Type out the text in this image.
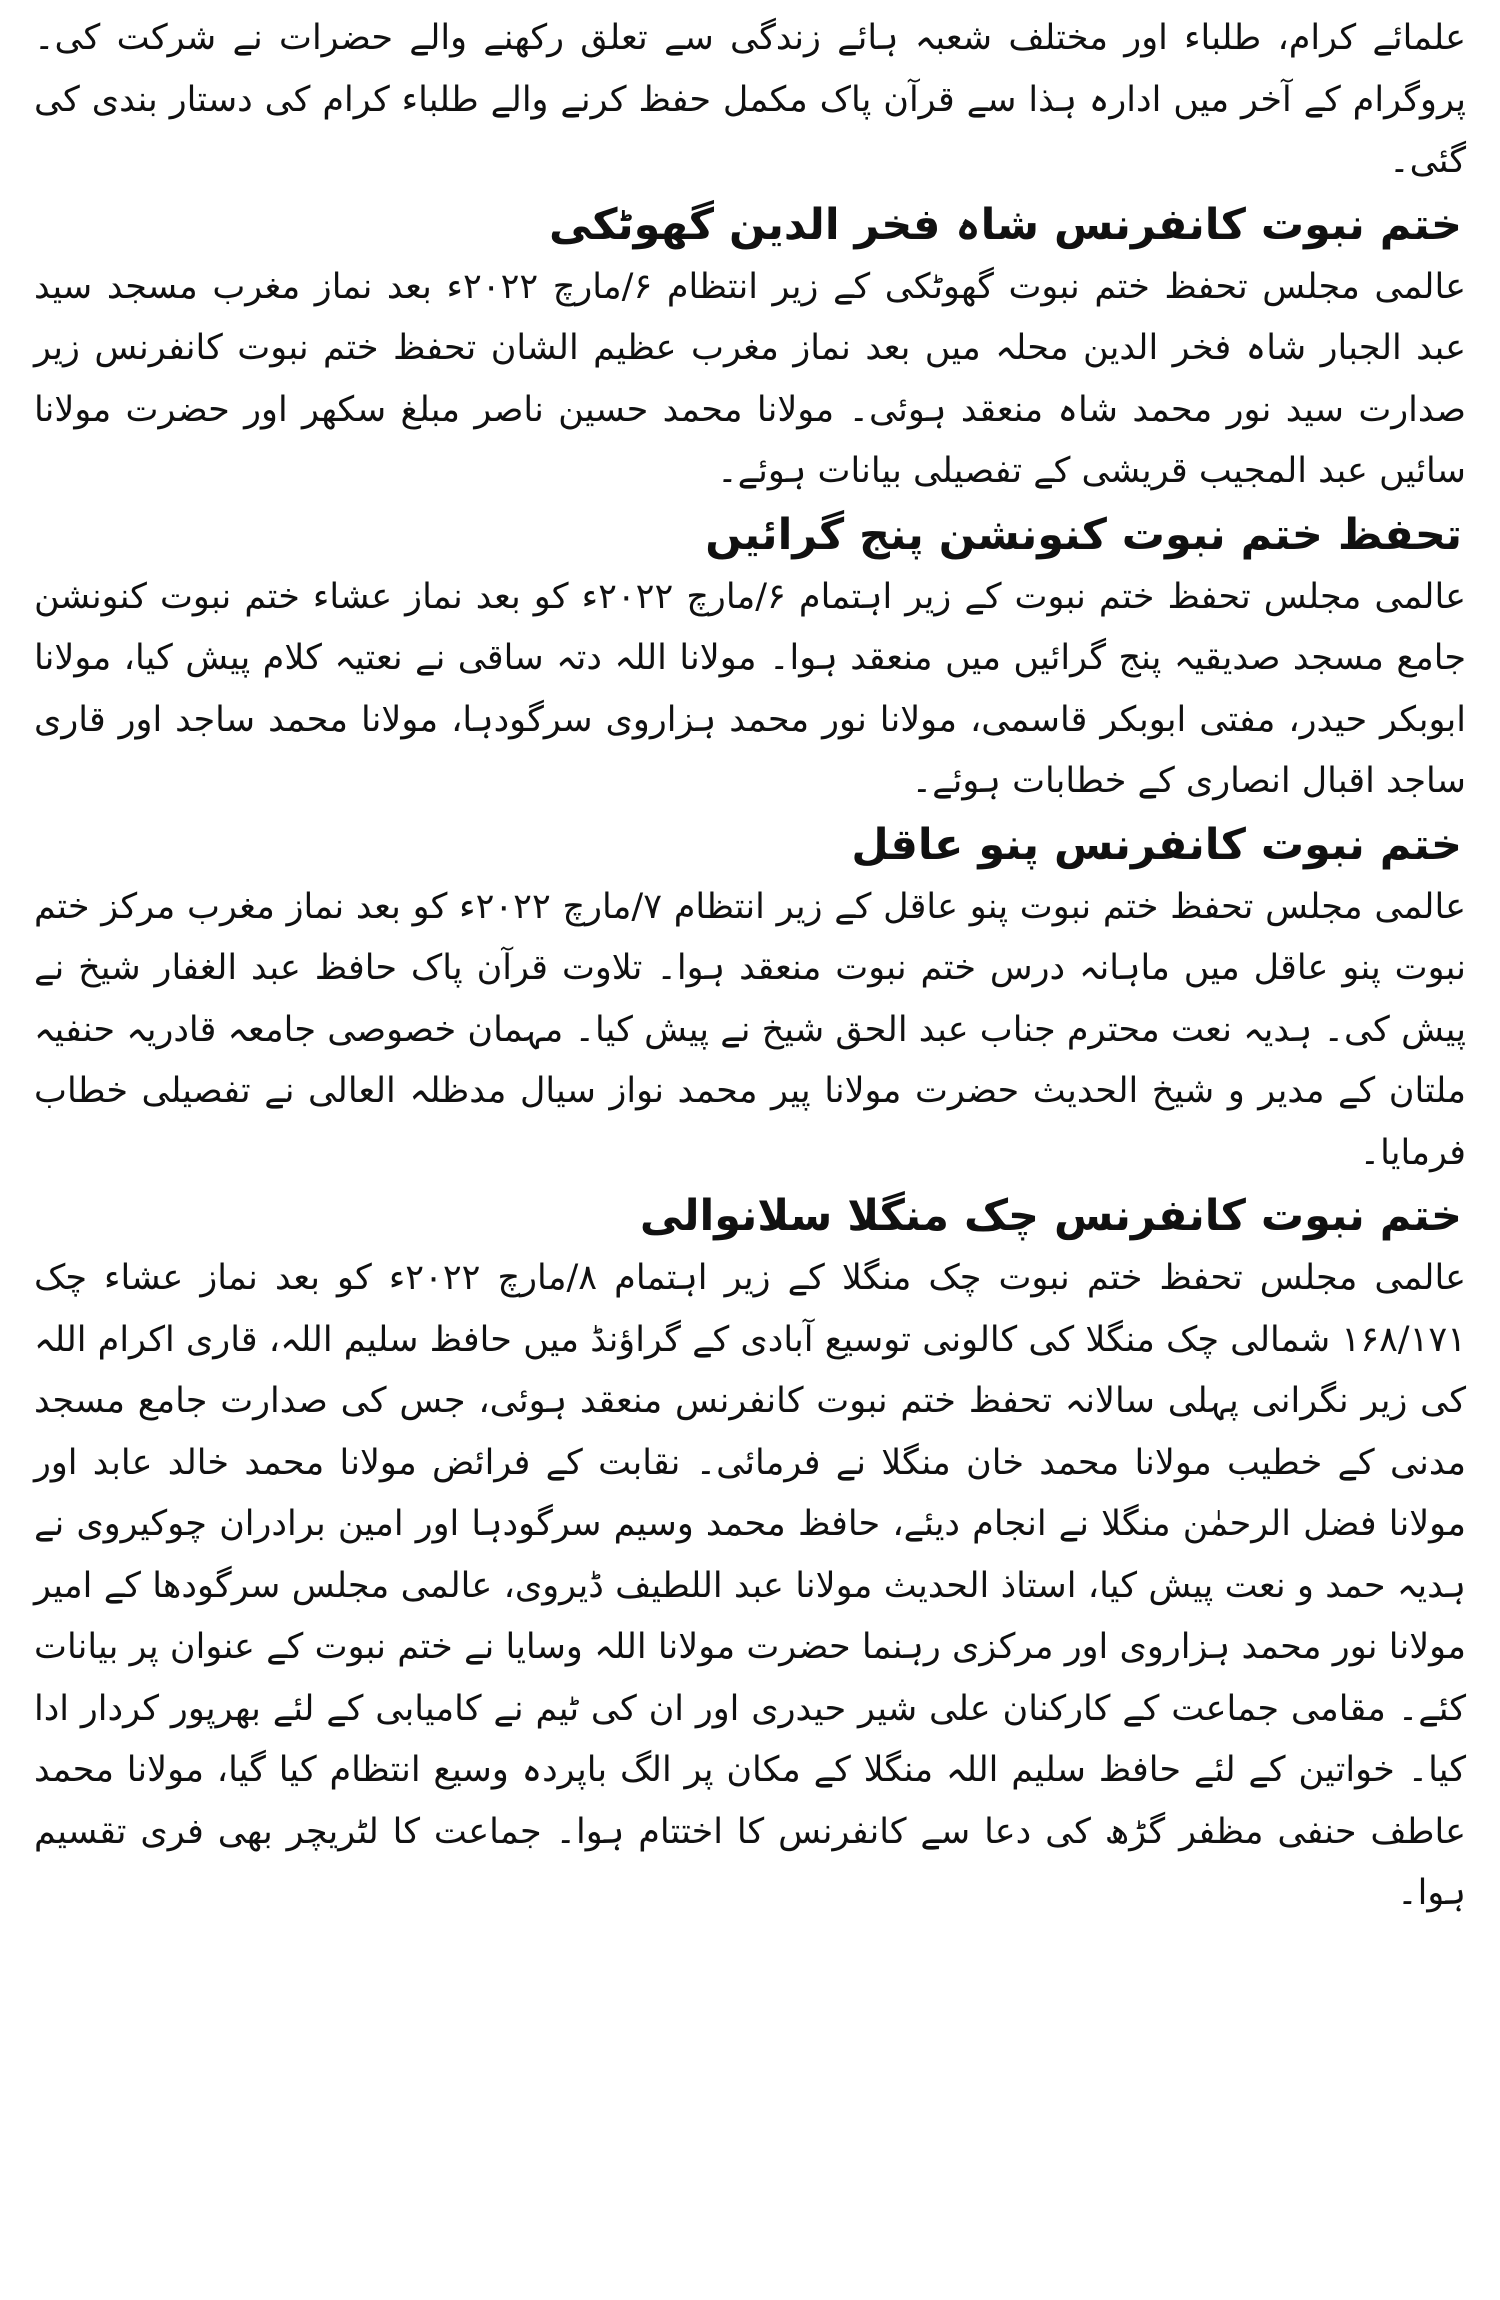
علمائے کرام، طلباء اور مختلف شعبہ ہائے زندگی سے تعلق رکھنے والے حضرات نے شرکت کی۔ پروگرام کے آخر میں ادارہ ہذا سے قرآن پاک مکمل حفظ کرنے والے طلباء کرام کی دستار بندی کی گئی۔

ختم نبوت کانفرنس شاہ فخر الدین گھوٹکی

عالمی مجلس تحفظ ختم نبوت گھوٹکی کے زیر انتظام ۶/مارچ ۲۰۲۲ء بعد نماز مغرب مسجد سید عبد الجبار شاہ فخر الدین محلہ میں بعد نماز مغرب عظیم الشان تحفظ ختم نبوت کانفرنس زیر صدارت سید نور محمد شاہ منعقد ہوئی۔ مولانا محمد حسین ناصر مبلغ سکھر اور حضرت مولانا سائیں عبد المجیب قریشی کے تفصیلی بیانات ہوئے۔

تحفظ ختم نبوت کنونشن پنج گرائیں

عالمی مجلس تحفظ ختم نبوت کے زیر اہتمام ۶/مارچ ۲۰۲۲ء کو بعد نماز عشاء ختم نبوت کنونشن جامع مسجد صدیقیہ پنج گرائیں میں منعقد ہوا۔ مولانا اللہ دتہ ساقی نے نعتیہ کلام پیش کیا، مولانا ابوبکر حیدر، مفتی ابوبکر قاسمی، مولانا نور محمد ہزاروی سرگودہا، مولانا محمد ساجد اور قاری ساجد اقبال انصاری کے خطابات ہوئے۔

ختم نبوت کانفرنس پنو عاقل

عالمی مجلس تحفظ ختم نبوت پنو عاقل کے زیر انتظام ۷/مارچ ۲۰۲۲ء کو بعد نماز مغرب مرکز ختم نبوت پنو عاقل میں ماہانہ درس ختم نبوت منعقد ہوا۔ تلاوت قرآن پاک حافظ عبد الغفار شیخ نے پیش کی۔ ہدیہ نعت محترم جناب عبد الحق شیخ نے پیش کیا۔ مہمان خصوصی جامعہ قادریہ حنفیہ ملتان کے مدیر و شیخ الحدیث حضرت مولانا پیر محمد نواز سیال مدظلہ العالی نے تفصیلی خطاب فرمایا۔

ختم نبوت کانفرنس چک منگلا سلانوالی

عالمی مجلس تحفظ ختم نبوت چک منگلا کے زیر اہتمام ۸/مارچ ۲۰۲۲ء کو بعد نماز عشاء چک ۱۶۸/۱۷۱ شمالی چک منگلا کی کالونی توسیع آبادی کے گراؤنڈ میں حافظ سلیم اللہ، قاری اکرام اللہ کی زیر نگرانی پہلی سالانہ تحفظ ختم نبوت کانفرنس منعقد ہوئی، جس کی صدارت جامع مسجد مدنی کے خطیب مولانا محمد خان منگلا نے فرمائی۔ نقابت کے فرائض مولانا محمد خالد عابد اور مولانا فضل الرحمٰن منگلا نے انجام دیئے، حافظ محمد وسیم سرگودہا اور امین برادران چوکیروی نے ہدیہ حمد و نعت پیش کیا، استاذ الحدیث مولانا عبد اللطیف ڈیروی، عالمی مجلس سرگودھا کے امیر مولانا نور محمد ہزاروی اور مرکزی رہنما حضرت مولانا اللہ وسایا نے ختم نبوت کے عنوان پر بیانات کئے۔ مقامی جماعت کے کارکنان علی شیر حیدری اور ان کی ٹیم نے کامیابی کے لئے بھرپور کردار ادا کیا۔ خواتین کے لئے حافظ سلیم اللہ منگلا کے مکان پر الگ باپردہ وسیع انتظام کیا گیا، مولانا محمد عاطف حنفی مظفر گڑھ کی دعا سے کانفرنس کا اختتام ہوا۔ جماعت کا لٹریچر بھی فری تقسیم ہوا۔
